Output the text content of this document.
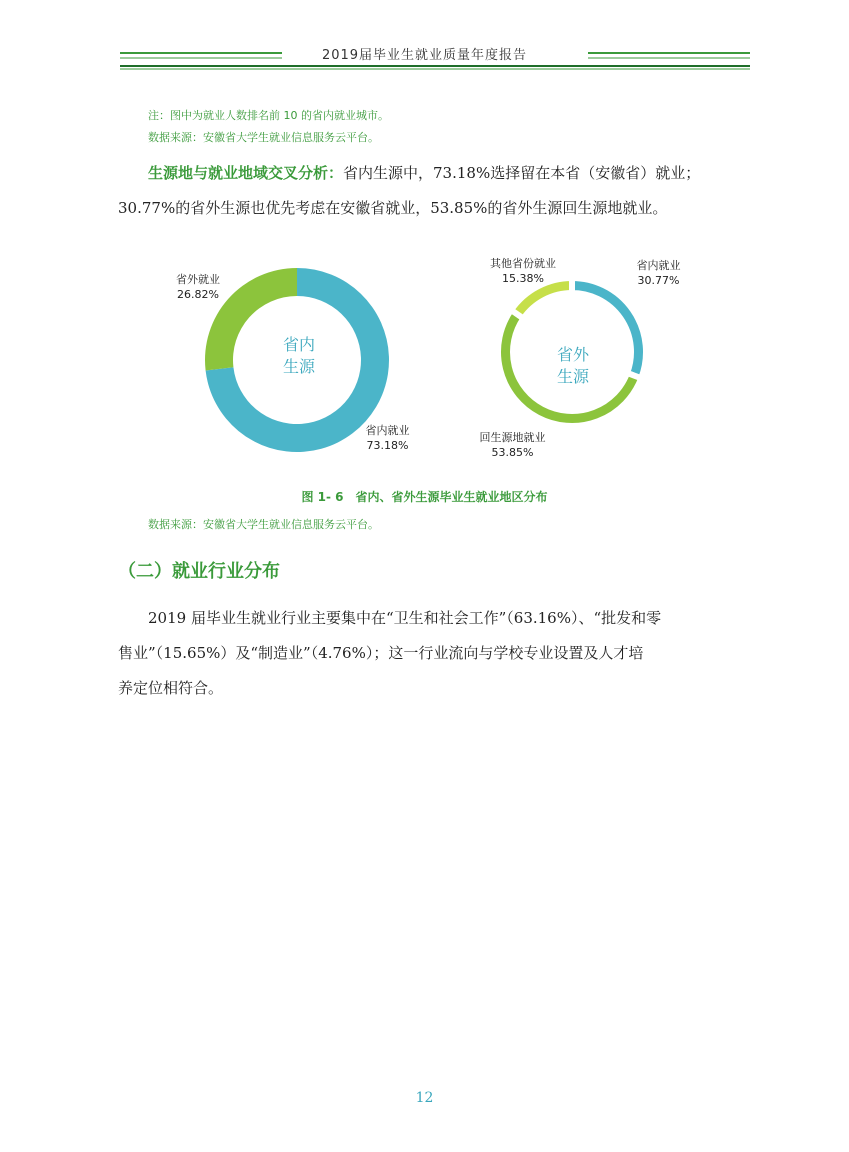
2019届毕业生就业质量年度报告
注：图中为就业人数排名前 10 的省内就业城市。
数据来源：安徽省大学生就业信息服务云平台。
生源地与就业地域交叉分析：省内生源中，73.18%选择留在本省（安徽省）就业；
30.77%的省外生源也优先考虑在安徽省就业，53.85%的省外生源回生源地就业。
省外就业
26.82%
省内就业
73.18%
省内
生源
其他省份就业
15.38%
省内就业
30.77%
回生源地就业
53.85%
省外
生源
图 1- 6　省内、省外生源毕业生就业地区分布
数据来源：安徽省大学生就业信息服务云平台。
（二）就业行业分布
2019 届毕业生就业行业主要集中在“卫生和社会工作”（63.16%）、“批发和零
售业”（15.65%）及“制造业”（4.76%）；这一行业流向与学校专业设置及人才培
养定位相符合。
12
